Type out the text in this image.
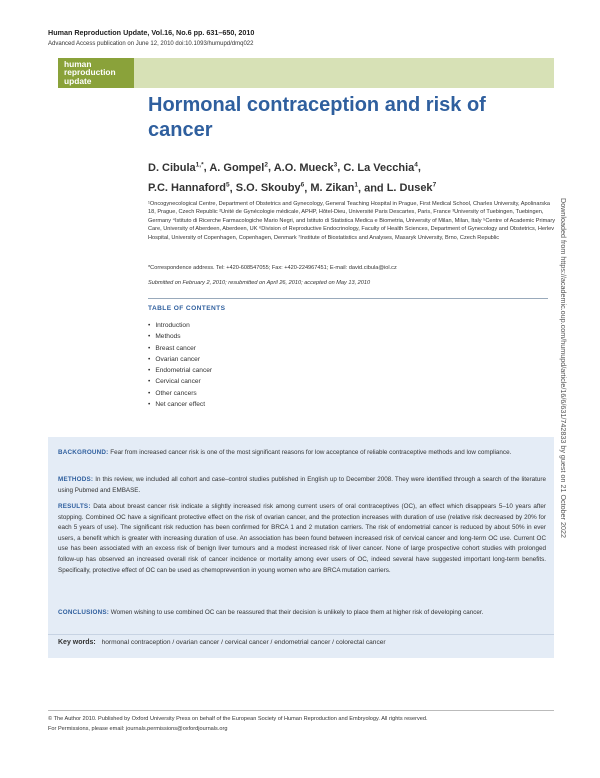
Human Reproduction Update, Vol.16, No.6 pp. 631–650, 2010
Advanced Access publication on June 12, 2010 doi:10.1093/humupd/dmq022
human
reproduction
update
Hormonal contraception and risk of cancer
D. Cibula$^{1,*}$, A. Gompel$^2$, A.O. Mueck$^3$, C. La Vecchia$^4$,
P.C. Hannaford$^5$, S.O. Skouby$^6$, M. Zikan$^1$, and L. Dusek$^7$
¹Oncogynecological Centre, Department of Obstetrics and Gynecology, General Teaching Hospital in Prague, First Medical School, Charles University, Apolinarska 18, Prague, Czech Republic ²Unité de Gynécologie médicale, APHP, Hôtel-Dieu, Université Paris Descartes, Paris, France ³University of Tuebingen, Tuebingen, Germany ⁴Istituto di Ricerche Farmacologiche Mario Negri, and Istituto di Statistica Medica e Biometria, University of Milan, Milan, Italy ⁵Centre of Academic Primary Care, University of Aberdeen, Aberdeen, UK ⁶Division of Reproductive Endocrinology, Faculty of Health Sciences, Department of Gynecology and Obstetrics, Herlev Hospital, University of Copenhagen, Copenhagen, Denmark ⁷Institute of Biostatistics and Analyses, Masaryk University, Brno, Czech Republic
*Correspondence address. Tel: +420-608547055; Fax: +420-224967451; E-mail: david.cibula@iol.cz
Submitted on February 2, 2010; resubmitted on April 26, 2010; accepted on May 13, 2010
TABLE OF CONTENTS
• Introduction
• Methods
• Breast cancer
• Ovarian cancer
• Endometrial cancer
• Cervical cancer
• Other cancers
• Net cancer effect
BACKGROUND: Fear from increased cancer risk is one of the most significant reasons for low acceptance of reliable contraceptive methods and low compliance.
METHODS: In this review, we included all cohort and case–control studies published in English up to December 2008. They were identified through a search of the literature using Pubmed and EMBASE.
RESULTS: Data about breast cancer risk indicate a slightly increased risk among current users of oral contraceptives (OC), an effect which disappears 5–10 years after stopping. Combined OC have a significant protective effect on the risk of ovarian cancer, and the protection increases with duration of use (relative risk decreased by 20% for each 5 years of use). The significant risk reduction has been confirmed for BRCA 1 and 2 mutation carriers. The risk of endometrial cancer is reduced by about 50% in ever users, a benefit which is greater with increasing duration of use. An association has been found between increased risk of cervical cancer and long-term OC use. Current OC use has been associated with an excess risk of benign liver tumours and a modest increased risk of liver cancer. None of large prospective cohort studies with prolonged follow-up has observed an increased overall risk of cancer incidence or mortality among ever users of OC, indeed several have suggested important long-term benefits. Specifically, protective effect of OC can be used as chemoprevention in young women who are BRCA mutation carriers.
CONCLUSIONS: Women wishing to use combined OC can be reassured that their decision is unlikely to place them at higher risk of developing cancer.
Key words: hormonal contraception / ovarian cancer / cervical cancer / endometrial cancer / colorectal cancer
© The Author 2010. Published by Oxford University Press on behalf of the European Society of Human Reproduction and Embryology. All rights reserved.
For Permissions, please email: journals.permissions@oxfordjournals.org
Downloaded from https://academic.oup.com/humupd/article/16/6/631/742833 by guest on 21 October 2022
